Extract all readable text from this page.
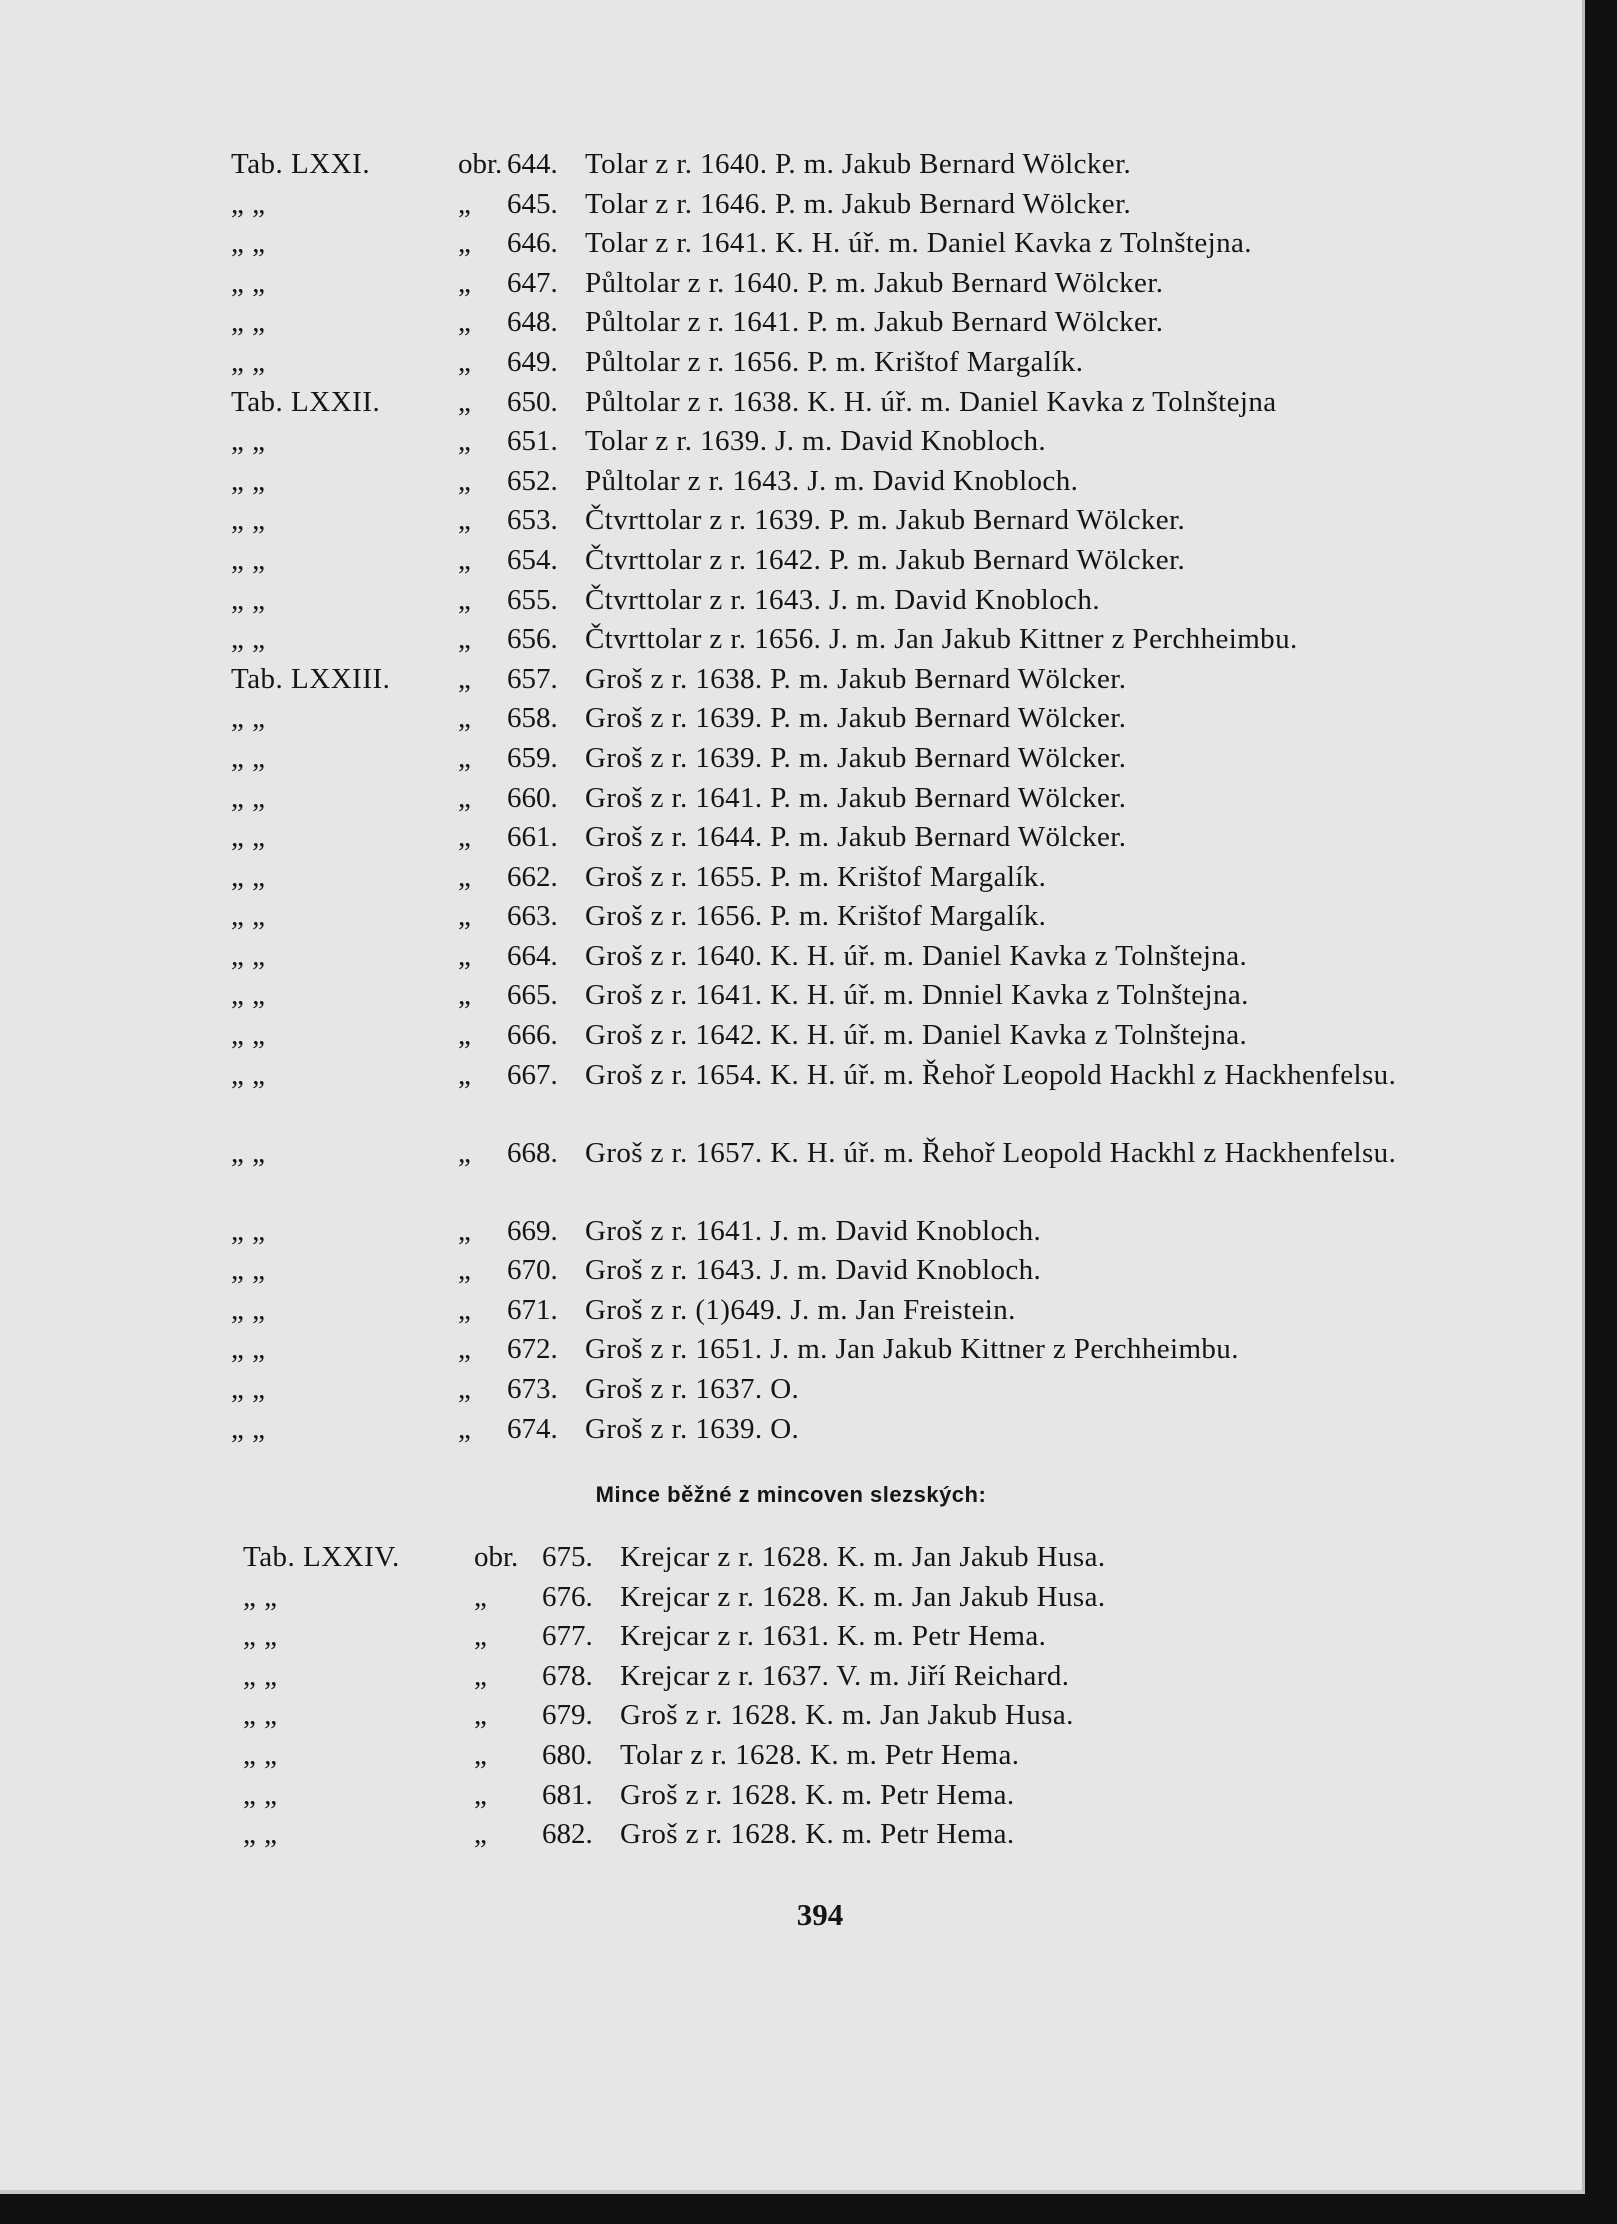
Tab. LXXI.	obr. 644. Tolar z r. 1640. P. m. Jakub Bernard Wölcker.
„ „	„ 645. Tolar z r. 1646. P. m. Jakub Bernard Wölcker.
„ „	„ 646. Tolar z r. 1641. K. H. úř. m. Daniel Kavka z Tolnštejna.
„ „	„ 647. Půltolar z r. 1640. P. m. Jakub Bernard Wölcker.
„ „	„ 648. Půltolar z r. 1641. P. m. Jakub Bernard Wölcker.
„ „	„ 649. Půltolar z r. 1656. P. m. Krištof Margalík.
Tab. LXXII.	„ 650. Půltolar z r. 1638. K. H. úř. m. Daniel Kavka z Tolnštejna
„ „	„ 651. Tolar z r. 1639. J. m. David Knobloch.
„ „	„ 652. Půltolar z r. 1643. J. m. David Knobloch.
„ „	„ 653. Čtvrttolar z r. 1639. P. m. Jakub Bernard Wölcker.
„ „	„ 654. Čtvrttolar z r. 1642. P. m. Jakub Bernard Wölcker.
„ „	„ 655. Čtvrttolar z r. 1643. J. m. David Knobloch.
„ „	„ 656. Čtvrttolar z r. 1656. J. m. Jan Jakub Kittner z Perchheimbu.
Tab. LXXIII. „ 657. Groš z r. 1638. P. m. Jakub Bernard Wölcker.
„ „	„ 658. Groš z r. 1639. P. m. Jakub Bernard Wölcker.
„ „	„ 659. Groš z r. 1639. P. m. Jakub Bernard Wölcker.
„ „	„ 660. Groš z r. 1641. P. m. Jakub Bernard Wölcker.
„ „	„ 661. Groš z r. 1644. P. m. Jakub Bernard Wölcker.
„ „	„ 662. Groš z r. 1655. P. m. Krištof Margalík.
„ „	„ 663. Groš z r. 1656. P. m. Krištof Margalík.
„ „	„ 664. Groš z r. 1640. K. H. úř. m. Daniel Kavka z Tolnštejna.
„ „	„ 665. Groš z r. 1641. K. H. úř. m. Dnniel Kavka z Tolnštejna.
„ „	„ 666. Groš z r. 1642. K. H. úř. m. Daniel Kavka z Tolnštejna.
„ „	„ 667. Groš z r. 1654. K. H. úř. m. Řehoř Leopold Hackhl z Hackhenfelsu.
„ „	„ 668. Groš z r. 1657. K. H. úř. m. Řehoř Leopold Hackhl z Hackhenfelsu.
„ „	„ 669. Groš z r. 1641. J. m. David Knobloch.
„ „	„ 670. Groš z r. 1643. J. m. David Knobloch.
„ „	„ 671. Groš z r. (1)649. J. m. Jan Freistein.
„ „	„ 672. Groš z r. 1651. J. m. Jan Jakub Kittner z Perchheimbu.
„ „	„ 673. Groš z r. 1637. O.
„ „	„ 674. Groš z r. 1639. O.
Mince běžné z mincoven slezských:
Tab. LXXIV.	obr. 675. Krejcar z r. 1628. K. m. Jan Jakub Husa.
„ „	„ 676. Krejcar z r. 1628. K. m. Jan Jakub Husa.
„ „	„ 677. Krejcar z r. 1631. K. m. Petr Hema.
„ „	„ 678. Krejcar z r. 1637. V. m. Jiří Reichard.
„ „	„ 679. Groš z r. 1628. K. m. Jan Jakub Husa.
„ „	„ 680. Tolar z r. 1628. K. m. Petr Hema.
„ „	„ 681. Groš z r. 1628. K. m. Petr Hema.
„ „	„ 682. Groš z r. 1628. K. m. Petr Hema.
394
